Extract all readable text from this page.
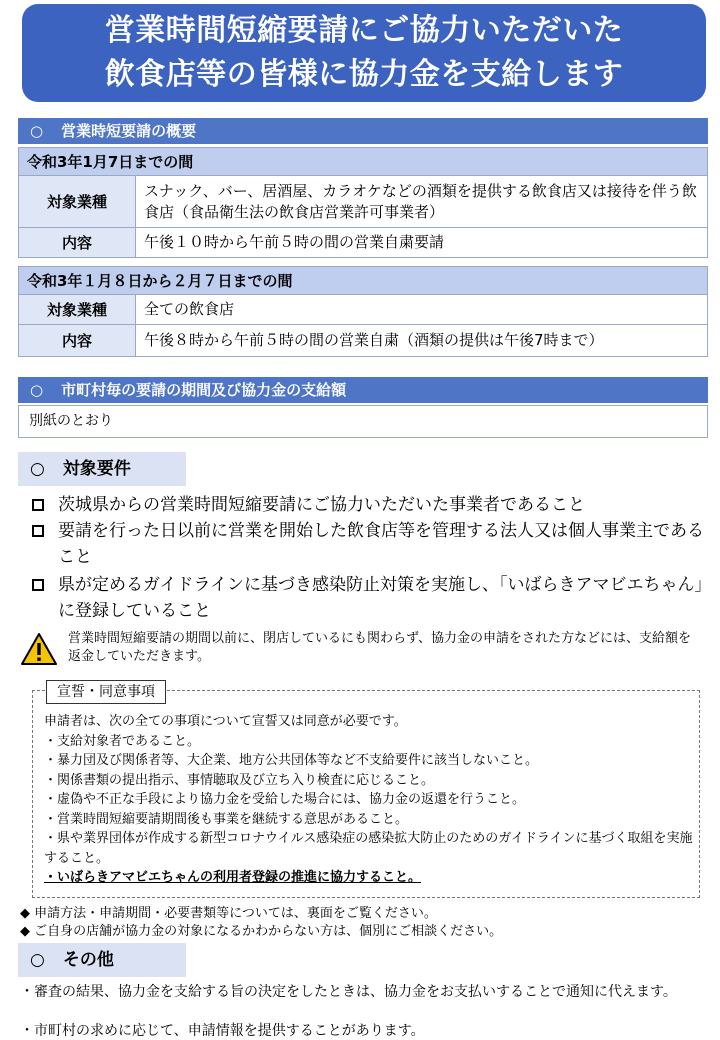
営業時間短縮要請にご協力いただいた
飲食店等の皆様に協力金を支給します
○ 営業時短要請の概要
令和3年1月7日までの間	
対象業種	スナック、バー、居酒屋、カラオケなどの酒類を提供する飲食店又は接待を伴う飲食店（食品衛生法の飲食店営業許可事業者）
内容	午後１０時から午前５時の間の営業自粛要請
令和3年１月８日から２月７日までの間	
対象業種	全ての飲食店
内容	午後８時から午前５時の間の営業自粛（酒類の提供は午後7時まで）
○ 市町村毎の要請の期間及び協力金の支給額
別紙のとおり
○ 対象要件
茨城県からの営業時間短縮要請にご協力いただいた事業者であること
要請を行った日以前に営業を開始した飲食店等を管理する法人又は個人事業主であること
県が定めるガイドラインに基づき感染防止対策を実施し、「いばらきアマビエちゃん」に登録していること
営業時間短縮要請の期間以前に、閉店しているにも関わらず、協力金の申請をされた方などには、支給額を返金していただきます。
宣誓・同意事項
申請者は、次の全ての事項について宣誓又は同意が必要です。
・支給対象者であること。
・暴力団及び関係者等、大企業、地方公共団体等など不支給要件に該当しないこと。
・関係書類の提出指示、事情聴取及び立ち入り検査に応じること。
・虚偽や不正な手段により協力金を受給した場合には、協力金の返還を行うこと。
・営業時間短縮要請期間後も事業を継続する意思があること。
・県や業界団体が作成する新型コロナウイルス感染症の感染拡大防止のためのガイドラインに基づく取組を実施すること。
・いばらきアマビエちゃんの利用者登録の推進に協力すること。
◆ 申請方法・申請期間・必要書類等については、裏面をご覧ください。
◆ ご自身の店舗が協力金の対象になるかわからない方は、個別にご相談ください。
○ その他
・審査の結果、協力金を支給する旨の決定をしたときは、協力金をお支払いすることで通知に代えます。
・市町村の求めに応じて、申請情報を提供することがあります。
